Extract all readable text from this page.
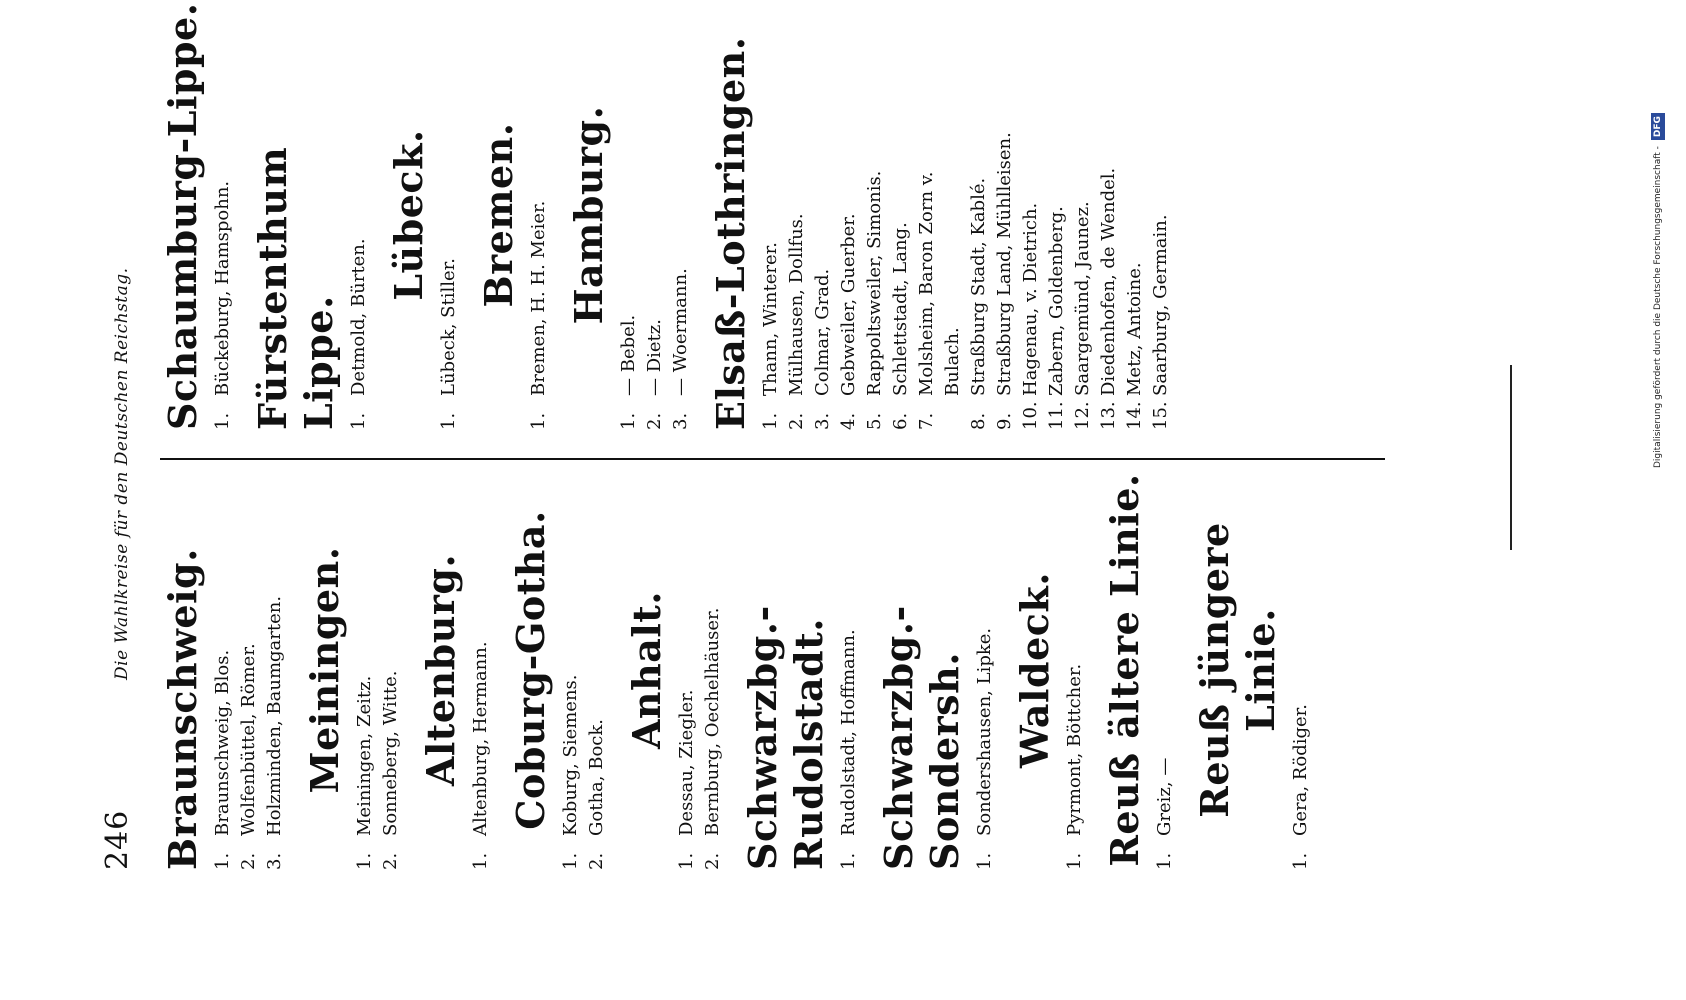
246
Die Wahlkreise für den Deutschen Reichstag.
Braunschweig. 1.Braunschweig, Blos.
2.Wolfenbüttel, Römer.
3.Holzminden, Baumgarten. Meiningen.
1.Meiningen, Zeitz.
2.Sonneberg, Witte. Altenburg.
1.Altenburg, Hermann. Coburg-Gotha.
1.Koburg, Siemens.
2.Gotha, Bock.
Anhalt.
1.Dessau, Ziegler.
2.Bernburg, Oechelhäuser. Schwarzbg.-Rudolstadt. 1.Rudolstadt, Hoffmann. Schwarzbg.-Sondersh. 1.Sondershausen, Lipke. Waldeck.
1.Pyrmont, Böttcher. Reuß ältere Linie. 1.Greiz, — Reuß jüngere Linie.
1.Gera, Rödiger.
Schaumburg-Lippe. 1.Bückeburg, Hamspohn. Fürstenthum Lippe. 1.Detmold, Bürten.
Lübeck.
1.Lübeck, Stiller.
Bremen.
1.Bremen, H. H. Meier. Hamburg.
1.— Bebel.
2.— Dietz.
3.— Woermann. Elsaß-Lothringen. 1.Thann, Winterer.
2.Mülhausen, Dollfus.
3.Colmar, Grad.
4.Gebweiler, Guerber.
5.Rappoltsweiler, Simonis.
6.Schlettstadt, Lang.
7.Molsheim, Baron Zorn v. Bulach.
8.Straßburg Stadt, Kablé.
9.Straßburg Land, Mühlleisen.
10.Hagenau, v. Dietrich.
11.Zabern, Goldenberg.
12.Saargemünd, Jaunez.
13.Diedenhofen, de Wendel.
14.Metz, Antoine.
15.Saarburg, Germain.	Digitalisierung gefördert durch die Deutsche Forschungsgemeinschaft -
DFG
